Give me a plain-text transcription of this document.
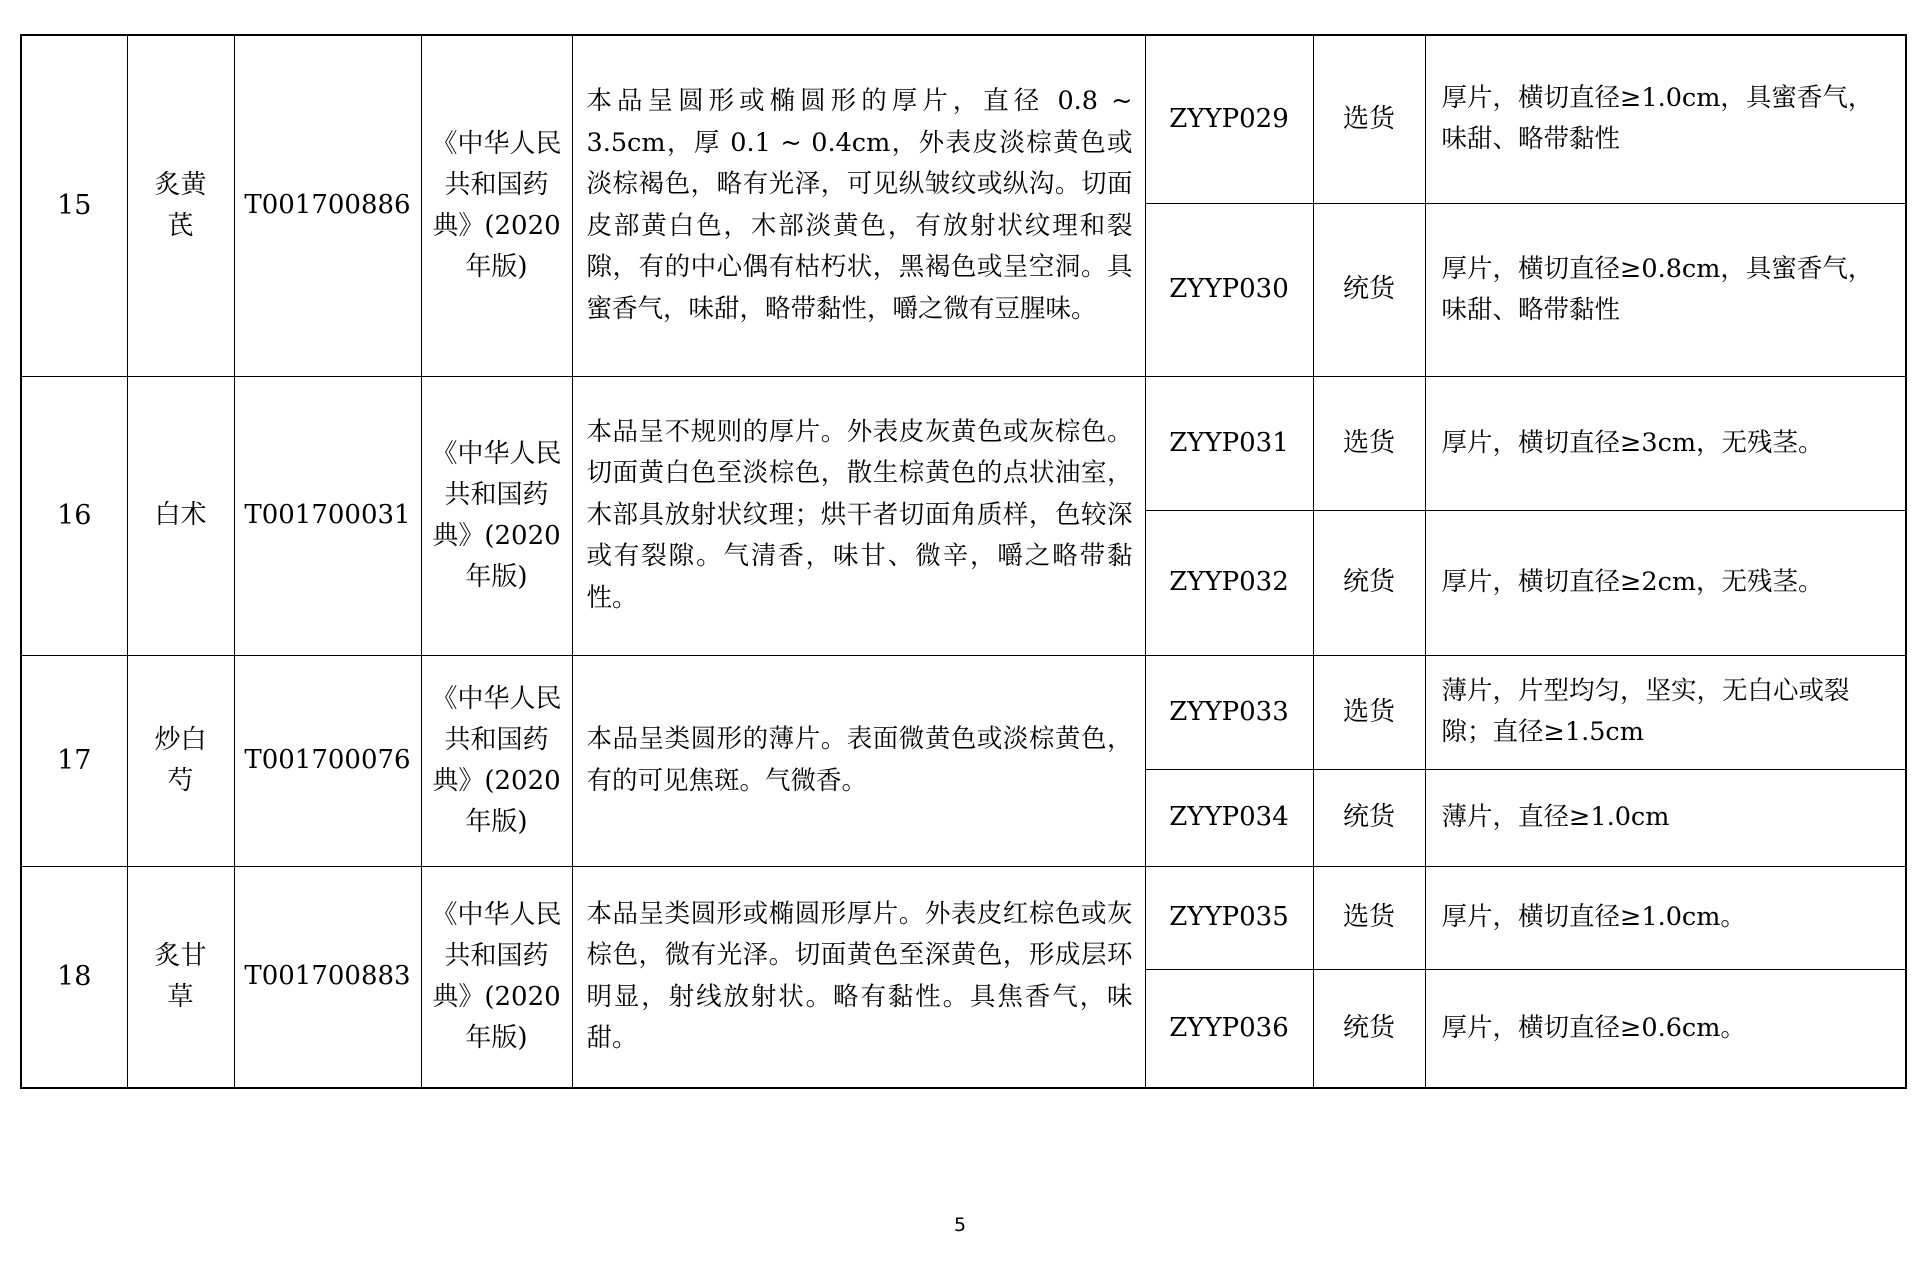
15	炙黄芪	T001700886	《中华人民共和国药典》(2020年版)	本品呈圆形或椭圆形的厚片，直径 0.8 ~ 3.5cm，厚 0.1 ~ 0.4cm，外表皮淡棕黄色或淡棕褐色，略有光泽，可见纵皱纹或纵沟。切面皮部黄白色，木部淡黄色，有放射状纹理和裂隙，有的中心偶有枯朽状，黑褐色或呈空洞。具蜜香气，味甜，略带黏性，嚼之微有豆腥味。	ZYYP029	选货	厚片，横切直径≥1.0cm，具蜜香气，味甜、略带黏性
					ZYYP030	统货	厚片，横切直径≥0.8cm，具蜜香气，味甜、略带黏性
16	白术	T001700031	《中华人民共和国药典》(2020年版)	本品呈不规则的厚片。外表皮灰黄色或灰棕色。切面黄白色至淡棕色，散生棕黄色的点状油室，木部具放射状纹理；烘干者切面角质样，色较深或有裂隙。气清香，味甘、微辛，嚼之略带黏性。	ZYYP031	选货	厚片，横切直径≥3cm，无残茎。
					ZYYP032	统货	厚片，横切直径≥2cm，无残茎。
17	炒白芍	T001700076	《中华人民共和国药典》(2020年版)	本品呈类圆形的薄片。表面微黄色或淡棕黄色，有的可见焦斑。气微香。	ZYYP033	选货	薄片，片型均匀，坚实，无白心或裂隙；直径≥1.5cm
					ZYYP034	统货	薄片，直径≥1.0cm
18	炙甘草	T001700883	《中华人民共和国药典》(2020年版)	本品呈类圆形或椭圆形厚片。外表皮红棕色或灰棕色，微有光泽。切面黄色至深黄色，形成层环明显，射线放射状。略有黏性。具焦香气，味甜。	ZYYP035	选货	厚片，横切直径≥1.0cm。
					ZYYP036	统货	厚片，横切直径≥0.6cm。
5
